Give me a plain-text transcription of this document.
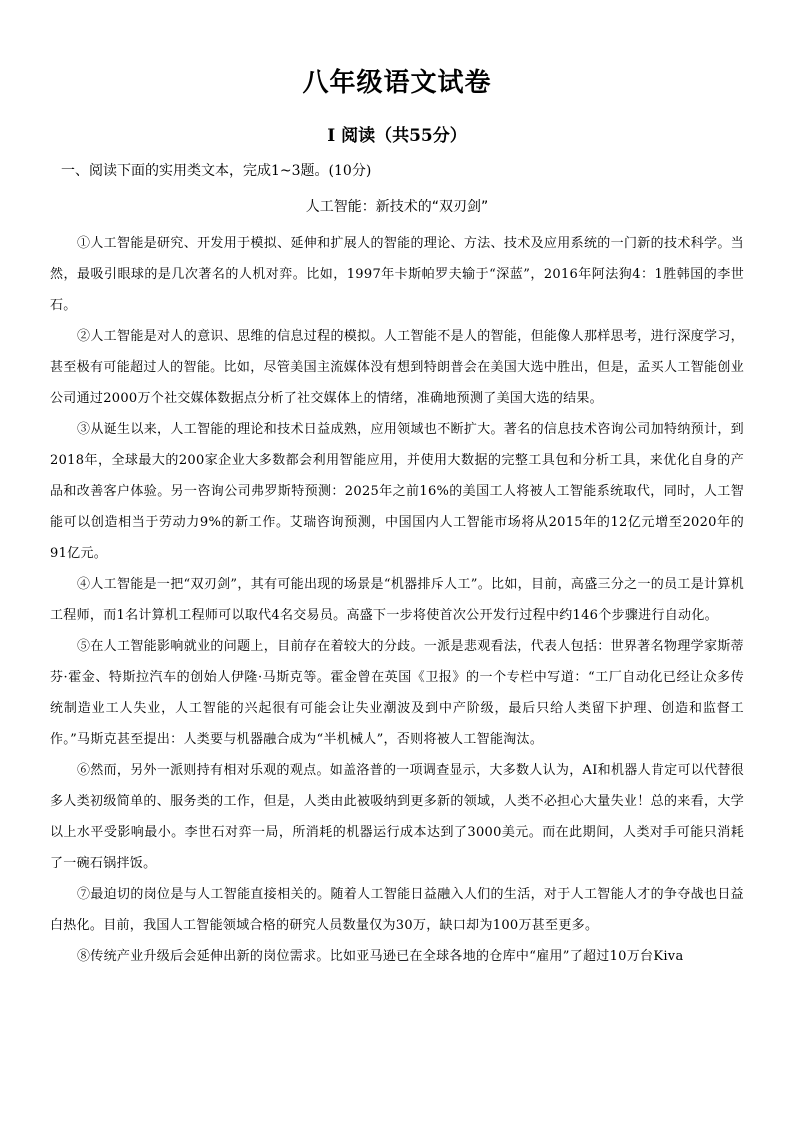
八年级语文试卷
Ⅰ 阅读（共55分）
一、阅读下面的实用类文本，完成1~3题。(10分)
人工智能：新技术的“双刃剑”

①人工智能是研究、开发用于模拟、延伸和扩展人的智能的理论、方法、技术及应用系统的一门新的技术科学。当然，最吸引眼球的是几次著名的人机对弈。比如，1997年卡斯帕罗夫输于“深蓝”，2016年阿法狗4：1胜韩国的李世石。

②人工智能是对人的意识、思维的信息过程的模拟。人工智能不是人的智能，但能像人那样思考，进行深度学习，甚至极有可能超过人的智能。比如，尽管美国主流媒体没有想到特朗普会在美国大选中胜出，但是，孟买人工智能创业公司通过2000万个社交媒体数据点分析了社交媒体上的情绪，准确地预测了美国大选的结果。

③从诞生以来，人工智能的理论和技术日益成熟，应用领域也不断扩大。著名的信息技术咨询公司加特纳预计，到2018年，全球最大的200家企业大多数都会利用智能应用，并使用大数据的完整工具包和分析工具，来优化自身的产品和改善客户体验。另一咨询公司弗罗斯特预测：2025年之前16%的美国工人将被人工智能系统取代，同时，人工智能可以创造相当于劳动力9%的新工作。艾瑞咨询预测，中国国内人工智能市场将从2015年的12亿元增至2020年的91亿元。

④人工智能是一把“双刃剑”，其有可能出现的场景是“机器排斥人工”。比如，目前，高盛三分之一的员工是计算机工程师，而1名计算机工程师可以取代4名交易员。高盛下一步将使首次公开发行过程中约146个步骤进行自动化。

⑤在人工智能影响就业的问题上，目前存在着较大的分歧。一派是悲观看法，代表人包括：世界著名物理学家斯蒂芬·霍金、特斯拉汽车的创始人伊隆·马斯克等。霍金曾在英国《卫报》的一个专栏中写道：“工厂自动化已经让众多传统制造业工人失业，人工智能的兴起很有可能会让失业潮波及到中产阶级，最后只给人类留下护理、创造和监督工作。”马斯克甚至提出：人类要与机器融合成为“半机械人”，否则将被人工智能淘汰。

⑥然而，另外一派则持有相对乐观的观点。如盖洛普的一项调查显示，大多数人认为，AI和机器人肯定可以代替很多人类初级简单的、服务类的工作，但是，人类由此被吸纳到更多新的领域，人类不必担心大量失业！总的来看，大学以上水平受影响最小。李世石对弈一局，所消耗的机器运行成本达到了3000美元。而在此期间，人类对手可能只消耗了一碗石锅拌饭。

⑦最迫切的岗位是与人工智能直接相关的。随着人工智能日益融入人们的生活，对于人工智能人才的争夺战也日益白热化。目前，我国人工智能领域合格的研究人员数量仅为30万，缺口却为100万甚至更多。

⑧传统产业升级后会延伸出新的岗位需求。比如亚马逊已在全球各地的仓库中“雇用”了超过10万台Kiva
